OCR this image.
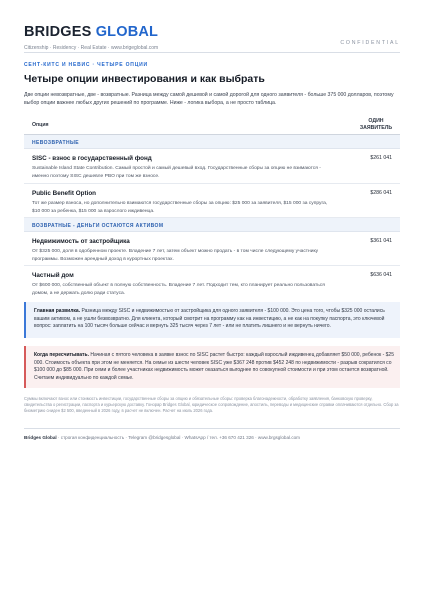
BRIDGES GLOBAL
Citizenship · Residency · Real Estate · www.brigeglobal.com
CONFIDENTIAL
СЕНТ-КИТС И НЕВИС · ЧЕТЫРЕ ОПЦИИ
Четыре опции инвестирования и как выбрать
Две опции невозвратные, две - возвратные. Разница между самой дешевой и самой дорогой для одного заявителя - больше 375 000 долларов, поэтому выбор опции важнее любых других решений по программе. Ниже - логика выбора, а не просто таблица.
Опция
ОДИН ЗАЯВИТЕЛЬ
НЕВОЗВРАТНЫЕ
SISC - взнос в государственный фонд
Sustainable Island State Contribution. Самый простой и самый дешевый вход. Государственные сборы за опцию не взимаются - именно поэтому SISC дешевле PBO при том же взносе.
$261 041
Public Benefit Option
Тот же размер взноса, но дополнительно взимаются государственные сборы за опцию: $25 000 за заявителя, $15 000 за супруга, $10 000 за ребенка, $15 000 за взрослого иждивенца.
$286 041
ВОЗВРАТНЫЕ - ДЕНЬГИ ОСТАЮТСЯ АКТИВОМ
Недвижимость от застройщика
От $325 000, доля в одобренном проекте. Владение 7 лет, затем объект можно продать - в том числе следующему участнику программы. Возможен арендный доход в курортных проектах.
$361 041
Частный дом
От $600 000, собственный объект в полную собственность. Владение 7 лет. Подходит тем, кто планирует реально пользоваться домом, а не держать долю ради статуса.
$636 041
Главная развилка. Разница между SISC и недвижимостью от застройщика для одного заявителя - $100 000. Это цена того, чтобы $325 000 остались вашим активом, а не ушли безвозвратно. Для клиента, который смотрит на программу как на инвестицию, а не как на покупку паспорта, это ключевой вопрос: заплатить на 100 тысяч больше сейчас и вернуть 325 тысяч через 7 лет - или не платить лишнего и не вернуть ничего.
Когда пересчитывать. Начиная с пятого человека в заявке взнос по SISC растет быстро: каждый взрослый иждивенец добавляет $50 000, ребенок - $25 000. Стоимость объекта при этом не меняется. На семье из шести человек SISC уже $367 248 против $452 248 по недвижимости - разрыв сократился со $100 000 до $85 000. При семи и более участниках недвижимость может оказаться выгоднее по совокупной стоимости и при этом остается возвратной. Считаем индивидуально по каждой семье.
Суммы включают взнос или стоимость инвестиции, государственные сборы за опцию и обязательные сборы: проверка благонадежности, обработку заявления, банковскую проверку, свидетельства о регистрации, паспорта и курьерскую доставку. Гонорар Bridges Global, юридическое сопровождение, апостиль, переводы и медицинские справки оплачиваются отдельно. Сбор за биометрию сниден $2 500, введенный в 2026 году, в расчет не включен. Расчет на июль 2026 года.
Bridges Global · строгая конфиденциальность · Telegram @bridgesglobal · WhatsApp / тел. +36 670 421 326 · www.brgsglobal.com
